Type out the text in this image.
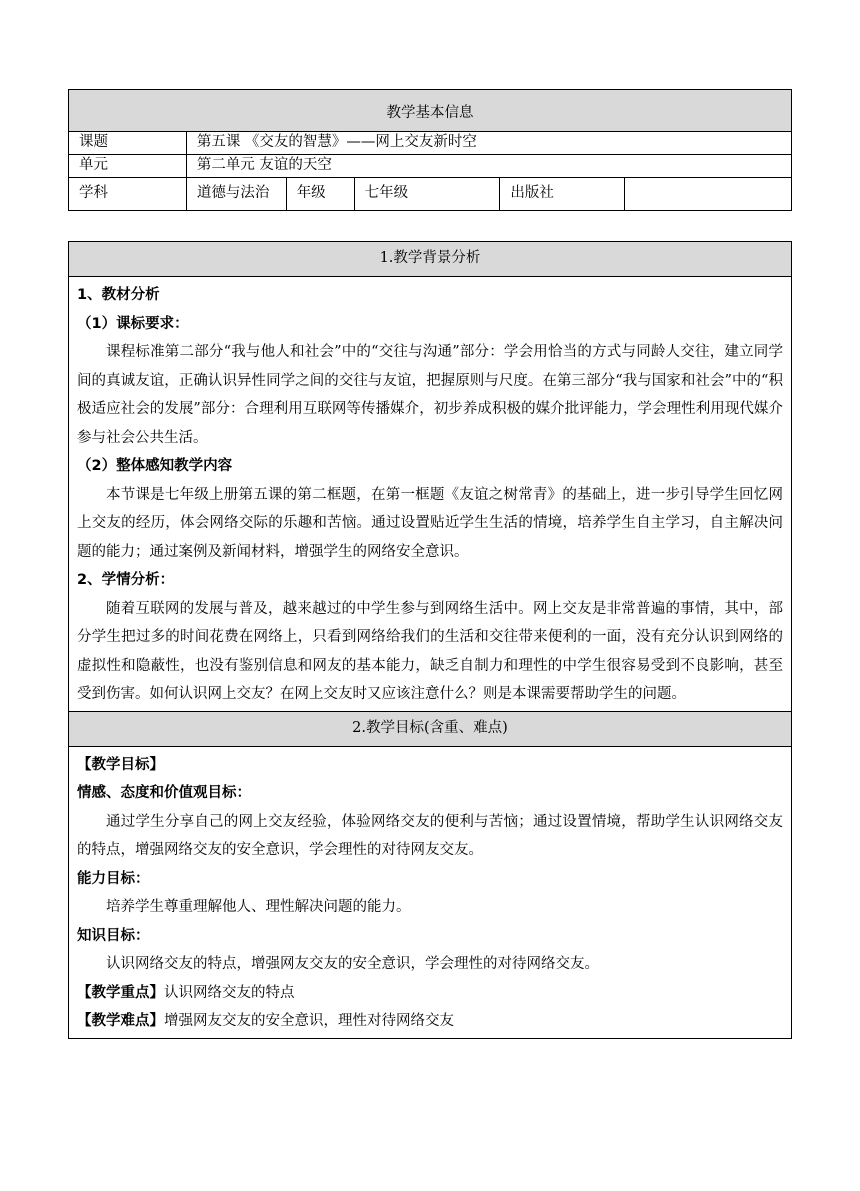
教学基本信息					
课题	第五课 《交友的智慧》——网上交友新时空				
单元	第二单元 友谊的天空				
学科	道德与法治	年级	七年级	出版社	
1.教学背景分析

1、教材分析
（1）课标要求：

课程标准第二部分“我与他人和社会”中的“交往与沟通”部分：学会用恰当的方式与同龄人交往，建立同学间的真诚友谊，正确认识异性同学之间的交往与友谊，把握原则与尺度。在第三部分“我与国家和社会”中的“积极适应社会的发展”部分：合理利用互联网等传播媒介，初步养成积极的媒介批评能力，学会理性利用现代媒介参与社会公共生活。

（2）整体感知教学内容

本节课是七年级上册第五课的第二框题，在第一框题《友谊之树常青》的基础上，进一步引导学生回忆网上交友的经历，体会网络交际的乐趣和苦恼。通过设置贴近学生生活的情境，培养学生自主学习，自主解决问题的能力；通过案例及新闻材料，增强学生的网络安全意识。

2、学情分析：

随着互联网的发展与普及，越来越过的中学生参与到网络生活中。网上交友是非常普遍的事情，其中，部分学生把过多的时间花费在网络上，只看到网络给我们的生活和交往带来便利的一面，没有充分认识到网络的虚拟性和隐蔽性，也没有鉴别信息和网友的基本能力，缺乏自制力和理性的中学生很容易受到不良影响，甚至受到伤害。如何认识网上交友？在网上交友时又应该注意什么？则是本课需要帮助学生的问题。

2.教学目标(含重、难点)

【教学目标】
情感、态度和价值观目标：

通过学生分享自己的网上交友经验，体验网络交友的便利与苦恼；通过设置情境，帮助学生认识网络交友的特点，增强网络交友的安全意识，学会理性的对待网友交友。

能力目标：

培养学生尊重理解他人、理性解决问题的能力。

知识目标：

认识网络交友的特点，增强网友交友的安全意识，学会理性的对待网络交友。

【教学重点】认识网络交友的特点
【教学难点】增强网友交友的安全意识，理性对待网络交友
